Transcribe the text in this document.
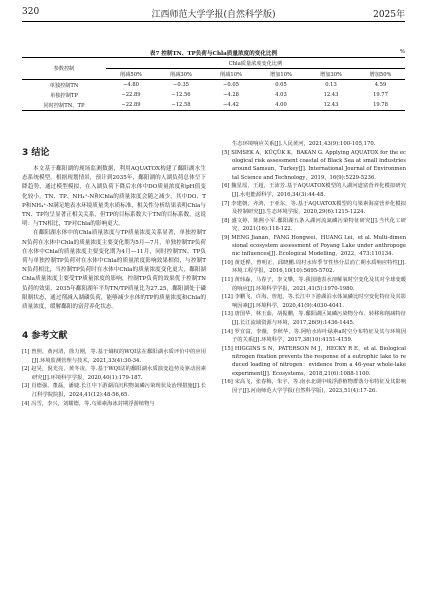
320	江西师范大学学报(自然科学版)	2025年
表7 控制TN、TP负荷与Chla质量浓度的变化比例	%
参数控制	Chla质量浓度变化比例					
	削减50%	削减30%	削减10%	增加10%	增加30%	增加50%
单独控制TN	−4.80	−0.35	−0.05	0.05	0.13	4.59
单独控制TP	−22.89	−12.56	−4.28	4.03	12.43	19.77
同时控制TN、TP	−22.89	−12.58	−4.42	4.00	12.43	19.78
3 结论

本文基于鄱阳湖的现场监测数据，利用AQUATOX构建了鄱阳湖水生态系统模型。根据现划情景，预计到2035年，鄱阳湖的人湖负荷总体呈下降趋势，通过模型模拟，在入湖负荷下降后水体中DO质量浓度和pH值变化较小，TN、TP、NH₄⁺-N和Chla的质量浓度会随之减少，其中DO、TP和NH₄⁺-N满足地表水环境质量类水质标准，相关性分析结果表明Chla与TN、TP均呈显著正相关关系，但TP的目标系数大于TN的目标系数，这说明：与TN相比，TP对Chla的影响更大。

在鄱阳湖水体中的Chla质量浓度与TP质量浓度关系显著，单独控制TN负荷在水体中Chla的质量浓度主要变化期为5月—7月，单独控制TP负荷在水体中Chla的质量浓度主要变化期为4月—11月，同时控制TN、TP负荷与单独控制TP负荷对在水体中Chla的质量浓度影响效果相似，与控制TN负荷相比，当控制TP负荷时在水体中Chla的质量浓度变化更大，鄱阳湖Chla质量浓度主要受TP质量浓度的影响，控制TP负荷的效果优于控制TN负荷的效果，2035年鄱阳湖年平均TN/TP质量比为27.25，鄱阳湖处于磷限制状态，通过削减入湖磷负荷，能够减少水体的TP的质量浓度和Chla的质量浓度，缓解鄱阳的富营养化状态。

4 参考文献

[1] 曾照，黄河清，徐力刚，等.基于熵权的WQI法在鄱阳湖水质评价中的应用[J].环境监测管理与技术，2021,33(4):30-34.

[2] 赵昊，倪光亮，黄冬凌，等.基于WQI法的鄱阳湖水质演变趋势及驱动因素研究[J].环境科学学报，2020,40(1):179-187.

[3] 肖德强，董磊，潘婕.长江中下游湖泊沉积物氮磷污染现状及治理措施[J].长江科学院院报，2024,41(12):48-56,65.

[4] 冯雪，李兴，刘耀德，等.乌梁素海冰封期浮游植物与

生态环境响应关系[J].人民黄河，2021,43(9):100-105,170.

[5] SIMSEK A，KÜÇÜK K，BAKAN G. Applying AQUATOX for the ecological risk assessment coastal of Black Sea at small industries around Samsun，Turkey[J]. International Journal of Environmental Science and Technology，2019，16(9):5229-5236.

[6] 魏星瑶，王超，王沛芳.基于AQUATOX模型的人湖河道富营养化模拟研究[J].水电能源科学，2016,34(3):44-48.

[7] 李建朝，齐鸿，于亚东，等.基于AQUATOX模型的乌梁素海富营养化模拟及控制研究[J].生态环境学报，2020,29(6):1215-1224.

[8] 盛文婷，陈熙小军.鄱阳湖五条入湖河流氮磷污染特征研究[J].当代化工研究，2021(16):118-122.

[9] MENG Jianan，FANG Hongwei，HUANG Lei，et al. Multi-dimensional ecosystem assessment of Poyang Lake under anthropogenic influences[J]. Ecological Modelling，2022，473:110134.

[10] 黄廷桦，曾明正，邱晓鹏.周村水库季节性热分层消亡期水质响应特性[J].环境工程学报，2016,10(10):5695-5702.

[11] 黄炜淼，马春子，李文攀，等.我国地表水溶解氧时空变化及其对全球变暖的响应[J].环境科学学报，2021,41(5):1970-1980.

[12] 李鹏飞，许海，詹旭，等.长江中下游湖泊水体氮磷比时空变化特征及其影响因素[J].环境科学，2020,41(9):4030-4041.

[13] 唐国华，林玉茹，胡振鹏，等.鄱阳湖区氮磷污染物分布、转移和削减特征[J].长江流域资源与环境，2017,26(9):1436-1445.

[14] 罗宜富，李薇，李秋华，等.阿哈水库叶绿素a时空分布特征及其与环境因子的关系[J].环境科学，2017,38(10):4151-4159.

[15] HIGGINS S N，PATERSON M J，HECKY R E，et al. Biological nitrogen fixation prevents the response of a eutrophic lake to reduced loading of nitrogen：evidence from a 46-year whole-lake experiment[J]. Ecosystems，2018,21(6):1088-1100.

[16] 宋高飞，张春梅，朱宇，等.南水北调中线浮游植物群落分布特征及其影响因子[J].河南师范大学学报(自然科学版)，2023,51(4):17-26.
